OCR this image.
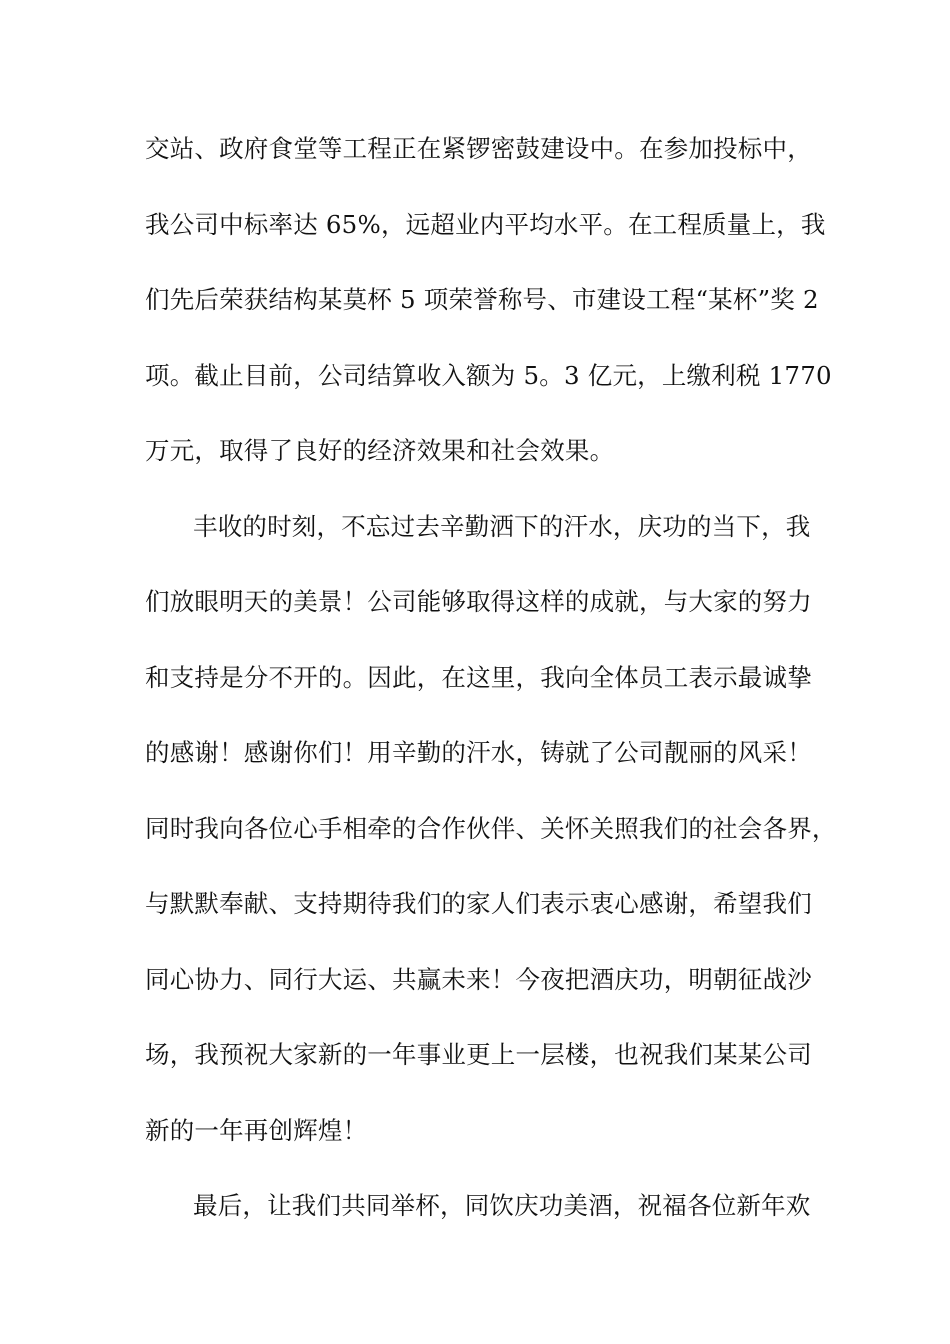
交站、政府食堂等工程正在紧锣密鼓建设中。在参加投标中，
我公司中标率达 65%，远超业内平均水平。在工程质量上，我
们先后荣获结构某莫杯 5 项荣誉称号、市建设工程“某杯”奖 2
项。截止目前，公司结算收入额为 5。3 亿元，上缴利税 1770
万元，取得了良好的经济效果和社会效果。
丰收的时刻，不忘过去辛勤洒下的汗水，庆功的当下，我
们放眼明天的美景！公司能够取得这样的成就，与大家的努力
和支持是分不开的。因此，在这里，我向全体员工表示最诚挚
的感谢！感谢你们！用辛勤的汗水，铸就了公司靓丽的风采！
同时我向各位心手相牵的合作伙伴、关怀关照我们的社会各界，
与默默奉献、支持期待我们的家人们表示衷心感谢，希望我们
同心协力、同行大运、共赢未来！今夜把酒庆功，明朝征战沙
场，我预祝大家新的一年事业更上一层楼，也祝我们某某公司
新的一年再创辉煌！
最后，让我们共同举杯，同饮庆功美酒，祝福各位新年欢
